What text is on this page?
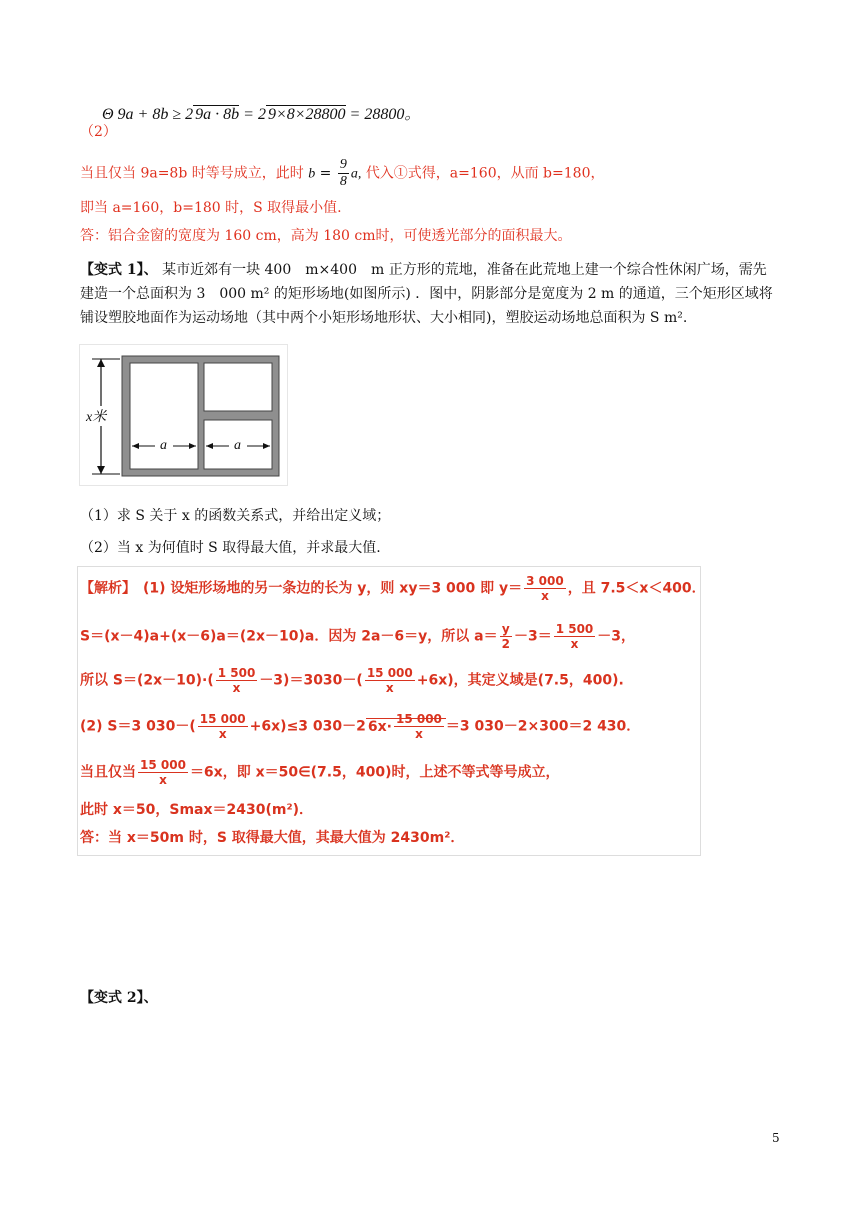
Θ 9a + 8b ≥ 2 9a · 8b = 2 9×8×28800 = 28800。
（2）
当且仅当 9a=8b 时等号成立，此时 $b = \frac{9}{8} a$, 代入①式得，a=160，从而 b=180，
即当 a=160，b=180 时，S 取得最小值.
答：铝合金窗的宽度为 160 cm，高为 180 cm时，可使透光部分的面积最大。
【变式 1】、 某市近郊有一块 400　m×400　m 正方形的荒地，准备在此荒地上建一个综合性休闲广场，需先建造一个总面积为 3　000 m² 的矩形场地(如图所示) ．图中，阴影部分是宽度为 2 m 的通道，三个矩形区域将铺设塑胶地面作为运动场地（其中两个小矩形场地形状、大小相同)，塑胶运动场地总面积为 S m².
x米
a	a
（1）求 S 关于 x 的函数关系式，并给出定义域；
（2）当 x 为何值时 S 取得最大值，并求最大值.
【解析】　(1) 设矩形场地的另一条边的长为 y，则 xy＝3 000 即 $y= \frac{3 000}{x}$ ，且 7.5＜x＜400．
S＝(x－4)a+(x－6)a＝(2x－10)a．因为 2a－6＝y，所以 $a= \frac{y}{2} -3= \frac{1 500}{x} -3$，
所以 $S=(2x-10)\cdot( \frac{1 500}{x} -3)=3030-( \frac{15 000}{x} +6x)$，其定义域是(7.5，400).
(2) S＝3 $030-( \frac{15 000}{x} +6x)\le 3$ 030－2 $6x\cdot \frac{15 000}{x} =3$ 030－2×300＝2 430．
当且仅当 $\frac{15 000}{x} =6x$，即 x＝50∈(7.5，400)时，上述不等式等号成立，
此时 x＝50，Smax＝2430(m²)．
答：当 x＝50m 时，S 取得最大值，其最大值为 2430m²．
【变式 2】、
5
